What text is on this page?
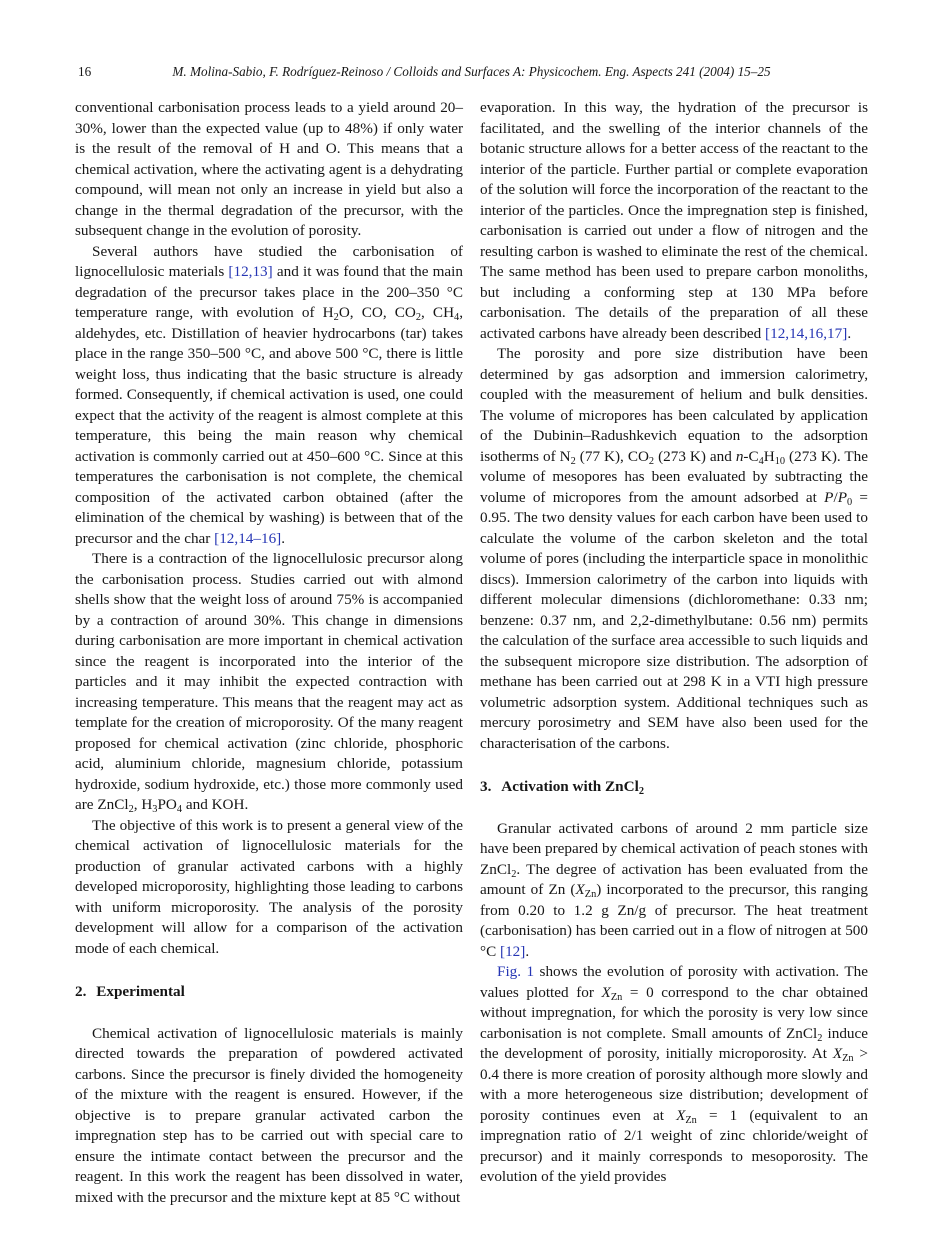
16	M. Molina-Sabio, F. Rodríguez-Reinoso / Colloids and Surfaces A: Physicochem. Eng. Aspects 241 (2004) 15–25

conventional carbonisation process leads to a yield around 20–30%, lower than the expected value (up to 48%) if only water is the result of the removal of H and O. This means that a chemical activation, where the activating agent is a dehydrating compound, will mean not only an increase in yield but also a change in the thermal degradation of the precursor, with the subsequent change in the evolution of porosity.

Several authors have studied the carbonisation of lignocellulosic materials [12,13] and it was found that the main degradation of the precursor takes place in the 200–350 °C temperature range, with evolution of $H_2O$, CO, $CO_2$, $CH_4$, aldehydes, etc. Distillation of heavier hydrocarbons (tar) takes place in the range 350–500 °C, and above 500 °C, there is little weight loss, thus indicating that the basic structure is already formed. Consequently, if chemical activation is used, one could expect that the activity of the reagent is almost complete at this temperature, this being the main reason why chemical activation is commonly carried out at 450–600 °C. Since at this temperatures the carbonisation is not complete, the chemical composition of the activated carbon obtained (after the elimination of the chemical by washing) is between that of the precursor and the char [12,14–16].

There is a contraction of the lignocellulosic precursor along the carbonisation process. Studies carried out with almond shells show that the weight loss of around 75% is accompanied by a contraction of around 30%. This change in dimensions during carbonisation are more important in chemical activation since the reagent is incorporated into the interior of the particles and it may inhibit the expected contraction with increasing temperature. This means that the reagent may act as template for the creation of microporosity. Of the many reagent proposed for chemical activation (zinc chloride, phosphoric acid, aluminium chloride, magnesium chloride, potassium hydroxide, sodium hydroxide, etc.) those more commonly used are ZnCl$_2$, $H_3PO_4$ and KOH.

The objective of this work is to present a general view of the chemical activation of lignocellulosic materials for the production of granular activated carbons with a highly developed microporosity, highlighting those leading to carbons with uniform microporosity. The analysis of the porosity development will allow for a comparison of the activation mode of each chemical.

2. Experimental

Chemical activation of lignocellulosic materials is mainly directed towards the preparation of powdered activated carbons. Since the precursor is finely divided the homogeneity of the mixture with the reagent is ensured. However, if the objective is to prepare granular activated carbon the impregnation step has to be carried out with special care to ensure the intimate contact between the precursor and the reagent. In this work the reagent has been dissolved in water, mixed with the precursor and the mixture kept at 85 °C without

evaporation. In this way, the hydration of the precursor is facilitated, and the swelling of the interior channels of the botanic structure allows for a better access of the reactant to the interior of the particle. Further partial or complete evaporation of the solution will force the incorporation of the reactant to the interior of the particles. Once the impregnation step is finished, carbonisation is carried out under a flow of nitrogen and the resulting carbon is washed to eliminate the rest of the chemical. The same method has been used to prepare carbon monoliths, but including a conforming step at 130 MPa before carbonisation. The details of the preparation of all these activated carbons have already been described [12,14,16,17].

The porosity and pore size distribution have been determined by gas adsorption and immersion calorimetry, coupled with the measurement of helium and bulk densities. The volume of micropores has been calculated by application of the Dubinin–Radushkevich equation to the adsorption isotherms of $N_2$ (77 K), $CO_2$ (273 K) and $n-C_4H_{10}$ (273 K). The volume of mesopores has been evaluated by subtracting the volume of micropores from the amount adsorbed at $P/P_0 = 0.95$. The two density values for each carbon have been used to calculate the volume of the carbon skeleton and the total volume of pores (including the interparticle space in monolithic discs). Immersion calorimetry of the carbon into liquids with different molecular dimensions (dichloromethane: 0.33 nm; benzene: 0.37 nm, and 2,2-dimethylbutane: 0.56 nm) permits the calculation of the surface area accessible to such liquids and the subsequent micropore size distribution. The adsorption of methane has been carried out at 298 K in a VTI high pressure volumetric adsorption system. Additional techniques such as mercury porosimetry and SEM have also been used for the characterisation of the carbons.

3. Activation with ZnCl$_2$

Granular activated carbons of around 2 mm particle size have been prepared by chemical activation of peach stones with ZnCl$_2$. The degree of activation has been evaluated from the amount of Zn $(X_{Zn})$ incorporated to the precursor, this ranging from 0.20 to 1.2 g Zn/g of precursor. The heat treatment (carbonisation) has been carried out in a flow of nitrogen at 500 °C [12].

Fig. 1 shows the evolution of porosity with activation. The values plotted for $X_{Zn} = 0$ correspond to the char obtained without impregnation, for which the porosity is very low since carbonisation is not complete. Small amounts of ZnCl$_2$ induce the development of porosity, initially microporosity. At $X_{Zn} > 0.4$ there is more creation of porosity although more slowly and with a more heterogeneous size distribution; development of porosity continues even at $X_{Zn} = 1$ (equivalent to an impregnation ratio of 2/1 weight of zinc chloride/weight of precursor) and it mainly corresponds to mesoporosity. The evolution of the yield provides
